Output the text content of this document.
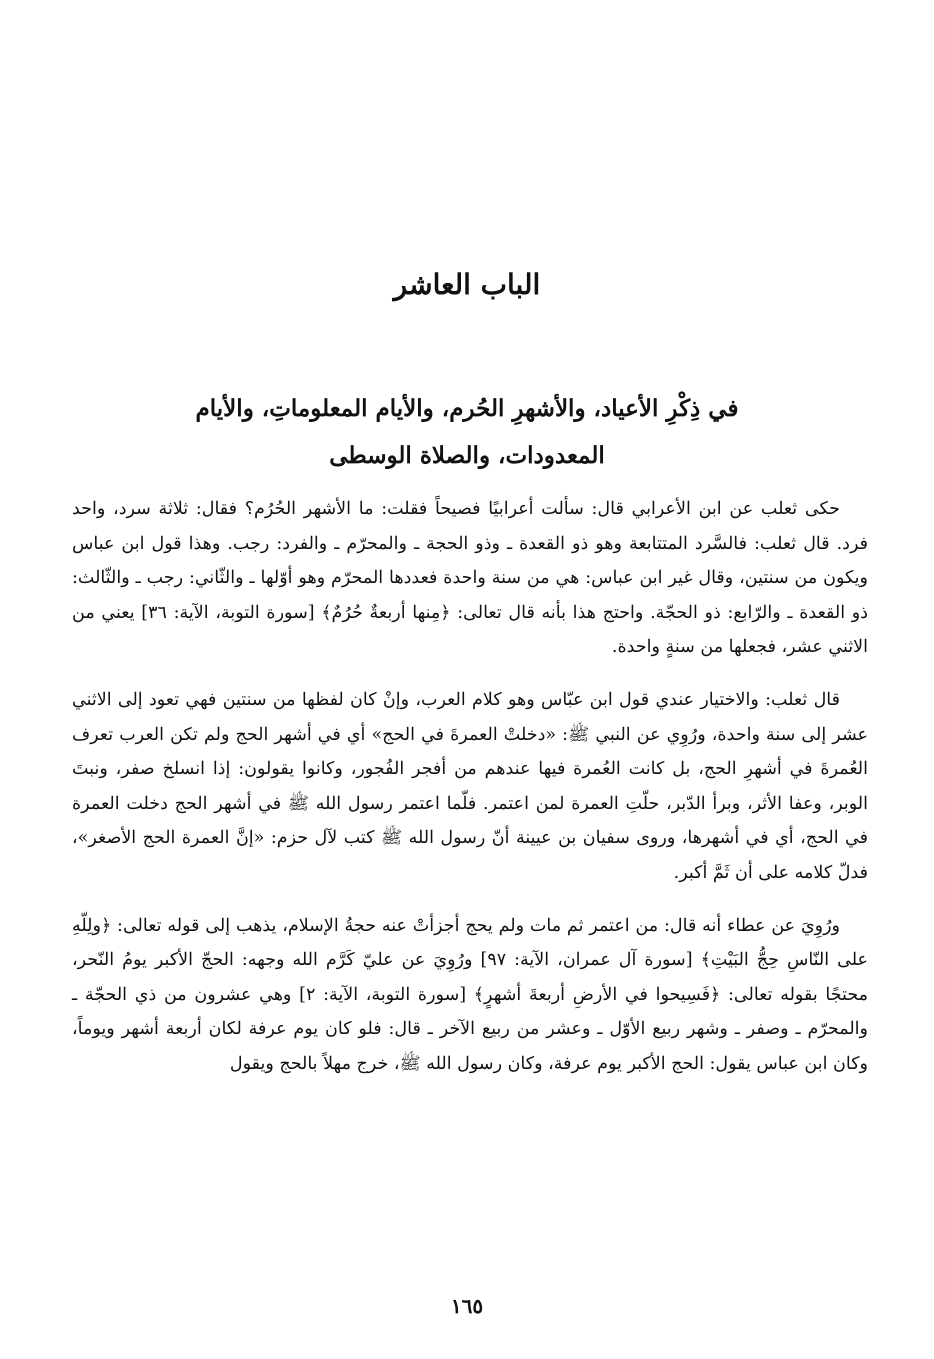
الباب العاشر
في ذِكْرِ الأعياد، والأشهرِ الحُرم، والأيام المعلوماتِ، والأيام المعدودات، والصلاة الوسطى

حكى ثعلب عن ابن الأعرابي قال: سألت أعرابيًا فصيحاً فقلت: ما الأشهر الحُرُم؟ فقال: ثلاثة سرد، واحد فرد. قال ثعلب: فالسَّرد المتتابعة وهو ذو القعدة ـ وذو الحجة ـ والمحرّم ـ والفرد: رجب. وهذا قول ابن عباس ويكون من سنتين، وقال غير ابن عباس: هي من سنة واحدة فعددها المحرّم وهو أوّلها ـ والثّاني: رجب ـ والثّالث: ذو القعدة ـ والرّابع: ذو الحجّة. واحتج هذا بأنه قال تعالى: ﴿مِنها أربعةٌ حُرُمٌ﴾ [سورة التوبة، الآية: ٣٦] يعني من الاثني عشر، فجعلها من سنةٍ واحدة.

قال ثعلب: والاختيار عندي قول ابن عبّاس وهو كلام العرب، وإنْ كان لفظها من سنتين فهي تعود إلى الاثني عشر إلى سنة واحدة، ورُوِي عن النبي ﷺ: «دخلتْ العمرةَ في الحج» أي في أشهر الحج ولم تكن العرب تعرف العُمرةَ في أشهرِ الحج، بل كانت العُمرة فيها عندهم من أفجر الفُجور، وكانوا يقولون: إذا انسلخ صفر، ونبتَ الوبر، وعفا الأثر، وبرأ الدّبر، حلّتِ العمرة لمن اعتمر. فلّما اعتمر رسول الله ﷺ في أشهر الحج دخلت العمرة في الحج، أي في أشهرها، وروى سفيان بن عيينة أنّ رسول الله ﷺ كتب لآل حزم: «إنَّ العمرة الحج الأصغر»، فدلّ كلامه على أن ثَمَّ أكبر.

ورُوِيَ عن عطاء أنه قال: من اعتمر ثم مات ولم يحج أجزأتْ عنه حجةُ الإسلام، يذهب إلى قوله تعالى: ﴿ولِلّهِ على النّاسِ حِجُّ البَيْتِ﴾ [سورة آل عمران، الآية: ٩٧] ورُوِيَ عن عليّ كَرَّم الله وجهه: الحجّ الأكبر يومُ النّحر، محتجًا بقوله تعالى: ﴿فَسِيحوا في الأرضِ أربعةَ أشهرٍ﴾ [سورة التوبة، الآية: ٢] وهي عشرون من ذي الحجّة ـ والمحرّم ـ وصفر ـ وشهر ربيع الأوّل ـ وعشر من ربيع الآخر ـ قال: فلو كان يوم عرفة لكان أربعة أشهر ويوماً، وكان ابن عباس يقول: الحج الأكبر يوم عرفة، وكان رسول الله ﷺ، خرج مهلاً بالحج ويقول

١٦٥
